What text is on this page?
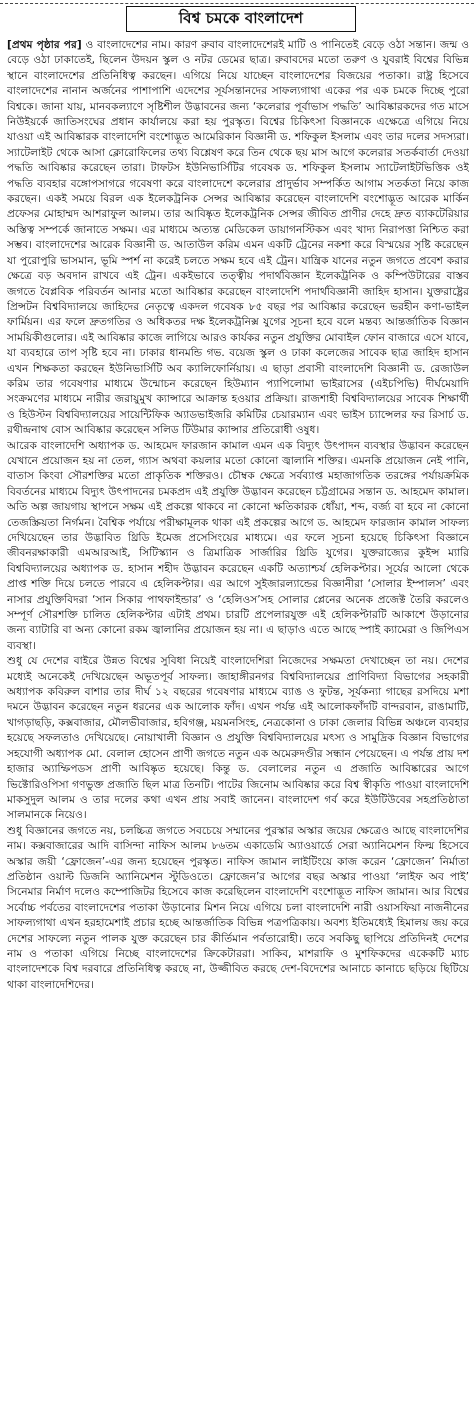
বিশ্ব চমকে বাংলাদেশ

[প্রথম পৃষ্ঠার পর] ও বাংলাদেশের নাম। কারণ রুবাব বাংলাদেশেরই মাটি ও পানিতেই বেড়ে ওঠা সন্তান। জন্ম ও বেড়ে ওঠা ঢাকাতেই, ছিলেন উদয়ন স্কুল ও নটর ডেমের ছাত্র। রুবাবদের মতো তরুণ ও যুবরাই বিশ্বের বিভিন্ন স্থানে বাংলাদেশের প্রতিনিধিত্ব করছেন। এগিয়ে নিয়ে যাচ্ছেন বাংলাদেশের বিজয়ের পতাকা। রাষ্ট্র হিসেবে বাংলাদেশের নানান অর্জনের পাশাপাশি এদেশের সূর্যসন্তানদের সাফল্যগাথা একের পর এক চমকে দিচ্ছে পুরো বিশ্বকে। জানা যায়, মানবকল্যাণে সৃষ্টিশীল উদ্ভাবনের জন্য ‘কলেরার পূর্বাভাস পদ্ধতি’ আবিষ্কারকদের গত মাসে নিউইয়র্কে জাতিসংঘের প্রধান কার্যালয়ে করা হয় পুরস্কৃত। বিশ্বের চিকিৎসা বিজ্ঞানকে এক্ষেত্রে এগিয়ে নিয়ে যাওয়া এই আবিষ্কারক বাংলাদেশি বংশোদ্ভূত আমেরিকান বিজ্ঞানী ড. শফিকুল ইসলাম এবং তার দলের সদস্যরা। স্যাটেলাইট থেকে আসা ক্লোরোফিলের তথ্য বিশ্লেষণ করে তিন থেকে ছয় মাস আগে কলেরার সতর্কবার্তা দেওয়া পদ্ধতি আবিষ্কার করেছেন তারা। টাফটস ইউনিভার্সিটির গবেষক ড. শফিকুল ইসলাম স্যাটেলাইটভিত্তিক ওই পদ্ধতি ব্যবহার বঙ্গোপসাগরে গবেষণা করে বাংলাদেশে কলেরার প্রাদুর্ভাব সম্পর্কিত আগাম সতর্কতা নিয়ে কাজ করছেন। একই সময়ে বিরল এক ইলেকট্রনিক সেন্সর আবিষ্কার করেছেন বাংলাদেশি বংশোদ্ভূত আরেক মার্কিন প্রফেসর মোহাম্মদ আশরাফুল আলম। তার আবিষ্কৃত ইলেকট্রনিক সেন্সর জীবিত প্রাণীর দেহে দ্রুত ব্যাকটেরিয়ার অস্তিত্ব সম্পর্কে জানাতে সক্ষম। এর মাধ্যমে অত্যন্ত মেডিকেল ডায়াগনস্টিকস এবং খাদ্য নিরাপত্তা নিশ্চিত করা সম্ভব। বাংলাদেশের আরেক বিজ্ঞানী ড. আতাউল করিম এমন একটি ট্রেনের নকশা করে বিস্ময়ের সৃষ্টি করেছেন যা পুরোপুরি ভাসমান, ভূমি স্পর্শ না করেই চলতে সক্ষম হবে এই ট্রেন। যান্ত্রিক যানের নতুন জগতে প্রবেশ করার ক্ষেত্রে বড় অবদান রাখবে এই ট্রেন। একইভাবে তত্ত্বীয় পদার্থবিজ্ঞান ইলেকট্রনিক ও কম্পিউটারের বাস্তব জগতে বৈপ্লবিক পরিবর্তন আনার মতো আবিষ্কার করেছেন বাংলাদেশি পদার্থবিজ্ঞানী জাহিদ হাসান। যুক্তরাষ্ট্রের প্রিন্সটন বিশ্ববিদ্যালয়ে জাহিদের নেতৃত্বে একদল গবেষক ৮৫ বছর পর আবিষ্কার করেছেন ভরহীন কণা-ভাইল ফার্মিয়ন। এর ফলে দ্রুতগতির ও অধিকতর দক্ষ ইলেকট্রনিক্স যুগের সূচনা হবে বলে মন্তব্য আন্তর্জাতিক বিজ্ঞান সাময়িকীগুলোর। এই আবিষ্কার কাজে লাগিয়ে আরও কার্যকর নতুন প্রযুক্তির মোবাইল ফোন বাজারে এসে যাবে, যা ব্যবহারে তাপ সৃষ্টি হবে না। ঢাকার ধানমন্ডি গভ. বয়েজ স্কুল ও ঢাকা কলেজের সাবেক ছাত্র জাহিদ হাসান এখন শিক্ষকতা করছেন ইউনিভার্সিটি অব ক্যালিফোর্নিয়ায়। এ ছাড়া প্রবাসী বাংলাদেশি বিজ্ঞানী ড. রেজাউল করিম তার গবেষণার মাধ্যমে উন্মোচন করেছেন হিউম্যান প্যাপিলোমা ভাইরাসের (এইচপিভি) দীর্ঘমেয়াদি সংক্রমণের মাধ্যমে নারীর জরায়ুমুখ ক্যান্সারে আক্রান্ত হওয়ার প্রক্রিয়া। রাজশাহী বিশ্ববিদ্যালয়ের সাবেক শিক্ষার্থী ও হিউস্টন বিশ্ববিদ্যালয়ের সায়েন্টিফিক অ্যাডভাইজরি কমিটির চেয়ারম্যান এবং ভাইস চ্যান্সেলর ফর রিসার্চ ড. রথীন্দ্রনাথ বোস আবিষ্কার করেছেন সলিড টিউমার ক্যান্সার প্রতিরোধী ওষুধ।

আরেক বাংলাদেশি অধ্যাপক ড. আহমেদ ফারজান কামাল এমন এক বিদ্যুৎ উৎপাদন ব্যবস্থার উদ্ভাবন করেছেন যেখানে প্রয়োজন হয় না তেল, গ্যাস অথবা কয়লার মতো কোনো জ্বালানি শক্তির। এমনকি প্রয়োজন নেই পানি, বাতাস কিংবা সৌরশক্তির মতো প্রাকৃতিক শক্তিরও। চৌম্বক ক্ষেত্রে সর্বব্যাপ্ত মহাজাগতিক তরঙ্গের পর্যায়ক্রমিক বিবর্তনের মাধ্যমে বিদ্যুৎ উৎপাদনের চমকপ্রদ এই প্রযুক্তি উদ্ভাবন করেছেন চট্টগ্রামের সন্তান ড. আহমেদ কামাল। অতি অল্প জায়গায় স্থাপনে সক্ষম এই প্রকল্পে থাকবে না কোনো ক্ষতিকারক ধোঁয়া, শব্দ, বর্জ্য বা হবে না কোনো তেজস্ক্রিয়তা নির্গমন। বৈশ্বিক পর্যায়ে পরীক্ষামূলক থাকা এই প্রকল্পের আগে ড. আহমেদ ফারজান কামাল সাফল্য দেখিয়েছেন তার উদ্ভাবিত থ্রিডি ইমেজ প্রসেসিংয়ের মাধ্যমে। এর ফলে সূচনা হয়েছে চিকিৎসা বিজ্ঞানে জীবনরক্ষাকারী এমআরআই, সিটিস্ক্যান ও ত্রিমাত্রিক সার্জারির থ্রিডি যুগের। যুক্তরাজ্যের কুইন্স ম্যারি বিশ্ববিদ্যালয়ের অধ্যাপক ড. হাসান শহীদ উদ্ভাবন করেছেন একটি অত্যাশ্চর্য হেলিকপ্টার। সূর্যের আলো থেকে প্রাপ্ত শক্তি দিয়ে চলতে পারবে এ হেলিকপ্টার। এর আগে সুইজারল্যান্ডের বিজ্ঞানীরা ‘সোলার ইম্পালস’ এবং নাসার প্রযুক্তিবিদরা ‘সান সিকার পাথফাইন্ডার’ ও ‘হেলিওস’সহ সোলার প্লেনের অনেক প্রজেক্ট তৈরি করলেও সম্পূর্ণ সৌরশক্তি চালিত হেলিকপ্টার এটাই প্রথম। চারটি প্রপেলারযুক্ত এই হেলিকপ্টারটি আকাশে উড়ানোর জন্য ব্যাটারি বা অন্য কোনো রকম জ্বালানির প্রয়োজন হয় না। এ ছাড়াও এতে আছে স্পাই ক্যামেরা ও জিপিএস ব্যবস্থা।

শুধু যে দেশের বাইরে উন্নত বিশ্বের সুবিধা নিয়েই বাংলাদেশিরা নিজেদের সক্ষমতা দেখাচ্ছেন তা নয়। দেশের মধ্যেই অনেকেই দেখিয়েছেন অভূতপূর্ব সাফল্য। জাহাঙ্গীরনগর বিশ্ববিদ্যালয়ের প্রাণিবিদ্যা বিভাগের সহকারী অধ্যাপক কবিরুল বাশার তার দীর্ঘ ১২ বছরের গবেষণার মাধ্যমে ব্যাঙ ও ফুটন্ত, সূর্যকন্যা গাছের রসদিয়ে মশা দমনে উদ্ভাবন করেছেন নতুন ধরনের এক আলোক ফাঁদ। এখন পর্যন্ত এই আলোকফাঁদটি বান্দরবান, রাঙামাটি, খাগড়াছড়ি, কক্সবাজার, মৌলভীবাজার, হবিগঞ্জ, ময়মনসিংহ, নেত্রকোনা ও ঢাকা জেলার বিভিন্ন অঞ্চলে ব্যবহার হয়েছে সফলতাও দেখিয়েছে। নোয়াখালী বিজ্ঞান ও প্রযুক্তি বিশ্ববিদ্যালয়ের মৎস্য ও সামুদ্রিক বিজ্ঞান বিভাগের সহযোগী অধ্যাপক মো. বেলাল হোসেন প্রাণী জগতে নতুন এক অমেরুদণ্ডীর সন্ধান পেয়েছেন। এ পর্যন্ত প্রায় দশ হাজার অ্যাম্ফিপডস প্রাণী আবিষ্কৃত হয়েছে। কিন্তু ড. বেলালের নতুন এ প্রজাতি আবিষ্কারের আগে ভিক্টোরিওপিসা গণভুক্ত প্রজাতি ছিল মাত্র তিনটি। পাটের জিনোম আবিষ্কার করে বিশ্ব স্বীকৃতি পাওয়া বাংলাদেশি মাকসুদুল আলম ও তার দলের কথা এখন প্রায় সবাই জানেন। বাংলাদেশ গর্ব করে ইউটিউবের সহপ্রতিষ্ঠাতা সালমানকে নিয়েও।

শুধু বিজ্ঞানের জগতে নয়, চলচ্চিত্র জগতে সবচেয়ে সম্মানের পুরস্কার অস্কার জয়ের ক্ষেত্রেও আছে বাংলাদেশির নাম। কক্সবাজারের আদি বাসিন্দা নাফিস আলম ৮৬তম একাডেমি অ্যাওয়ার্ডে সেরা অ্যানিমেশন ফিল্ম হিসেবে অস্কার জয়ী ‘ফ্রোজেন’-এর জন্য হয়েছেন পুরস্কৃত। নাফিস জামান লাইটিংয়ে কাজ করেন ‘ফ্রোজেন’ নির্মাতা প্রতিষ্ঠান ওয়াল্ট ডিজনি অ্যানিমেশন স্টুডিওতে। ফ্রোজেন’র আগের বছর অস্কার পাওয়া ‘লাইফ অব পাই’ সিনেমার নির্মাণ দলেও কম্পোজিটর হিসেবে কাজ করেছিলেন বাংলাদেশি বংশোদ্ভূত নাফিস জামান। আর বিশ্বের সর্বোচ্চ পর্বতের বাংলাদেশের পতাকা উড়ানোর মিশন নিয়ে এগিয়ে চলা বাংলাদেশি নারী ওয়াসফিয়া নাজনীনের সাফল্যগাথা এখন হরহামেশাই প্রচার হচ্ছে আন্তর্জাতিক বিভিন্ন পত্রপত্রিকায়। অবশ্য ইতিমধ্যেই হিমালয় জয় করে দেশের সাফল্যে নতুন পালক যুক্ত করেছেন চার কীর্তিমান পর্বতারোহী। তবে সবকিছু ছাপিয়ে প্রতিদিনই দেশের নাম ও পতাকা এগিয়ে নিচ্ছে বাংলাদেশের ক্রিকেটাররা। সাকিব, মাশরাফি ও মুশফিকদের একেকটি ম্যাচ বাংলাদেশকে বিশ্ব দরবারে প্রতিনিধিত্ব করছে না, উজ্জীবিত করছে দেশ-বিদেশের আনাচে কানাচে ছড়িয়ে ছিটিয়ে থাকা বাংলাদেশিদের।
